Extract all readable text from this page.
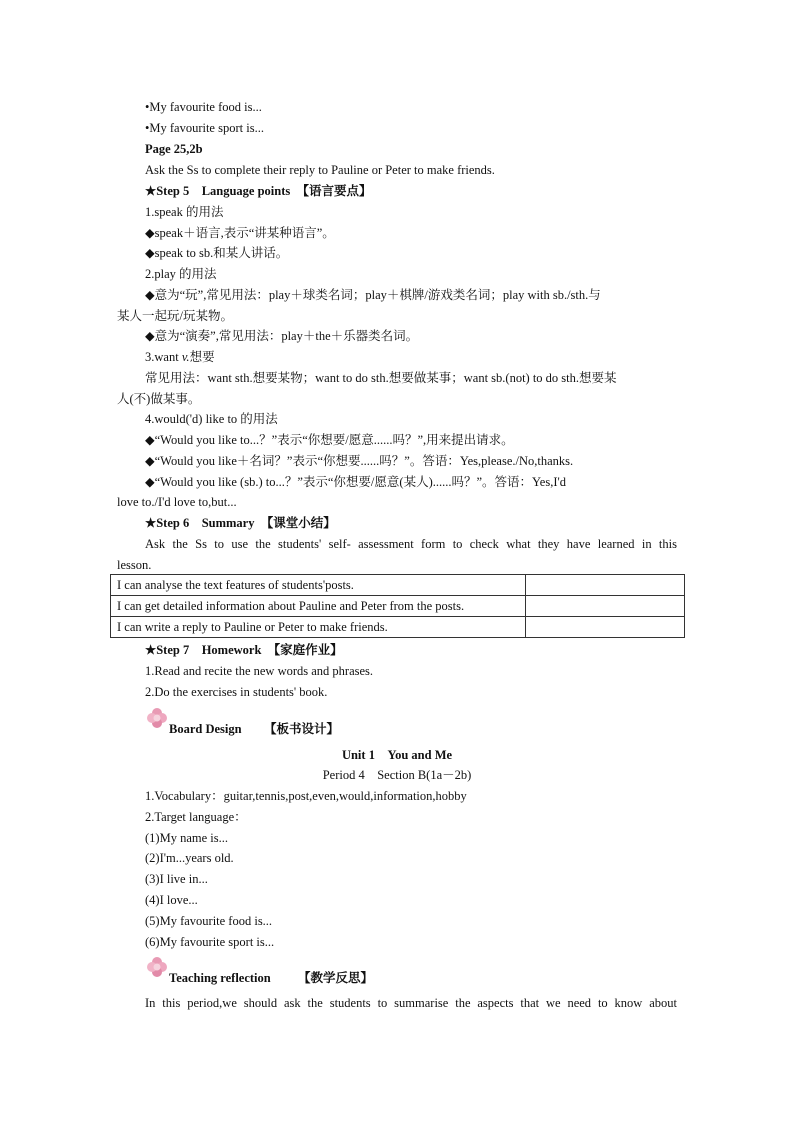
•My favourite food is...
•My favourite sport is...
Page 25,2b
Ask the Ss to complete their reply to Pauline or Peter to make friends.
★Step 5　Language points　【语言要点】
1.speak 的用法
◆speak＋语言,表示“讲某种语言”。
◆speak to sb.和某人讲话。
2.play 的用法
◆意为“玩”,常见用法：play＋球类名词；play＋棋牌/游戏类名词；play with sb./sth.与
某人一起玩/玩某物。
◆意为“演奏”,常见用法：play＋the＋乐器类名词。
3.want v.想要
常见用法：want sth.想要某物；want to do sth.想要做某事；want sb.(not) to do sth.想要某
人(不)做某事。
4.would('d) like to 的用法
◆“Would you like to...？”表示“你想要/愿意......吗？”,用来提出请求。
◆“Would you like＋名词？”表示“你想要......吗？”。答语：Yes,please./No,thanks.
◆“Would you like (sb.) to...？”表示“你想要/愿意(某人)......吗？”。答语：Yes,I'd
love to./I'd love to,but...
★Step 6　Summary　【课堂小结】
Ask the Ss to use the students' self- assessment form to check what they have learned in this
lesson.
I can analyse the text features of students'posts.	
I can get detailed information about Pauline and Peter from the posts.	
I can write a reply to Pauline or Peter to make friends.	
★Step 7　Homework　【家庭作业】
1.Read and recite the new words and phrases.
2.Do the exercises in students' book.
Board Design 【板书设计】
Unit 1　You and Me
Period 4　Section B(1a－2b)
1.Vocabulary：guitar,tennis,post,even,would,information,hobby
2.Target language：
(1)My name is...
(2)I'm...years old.
(3)I live in...
(4)I love...
(5)My favourite food is...
(6)My favourite sport is...
Teaching reflection 【教学反思】
In this period,we should ask the students to summarise the aspects that we need to know about
